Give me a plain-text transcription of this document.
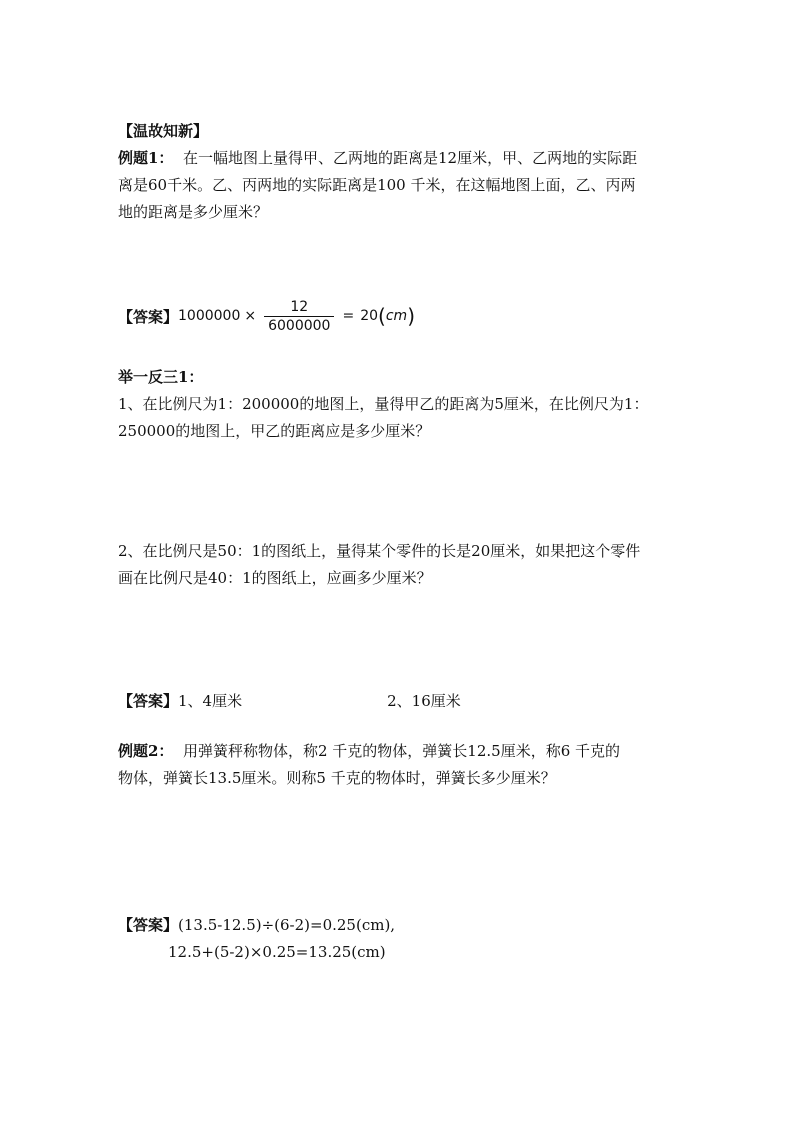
【温故知新】
例题1： 在一幅地图上量得甲、乙两地的距离是12厘米，甲、乙两地的实际距
离是60千米。乙、丙两地的实际距离是100 千米，在这幅地图上面，乙、丙两
地的距离是多少厘米？
【答案】 $1000000 \times \frac{12}{6000000} = 20$ ( cm )
举一反三1：
1、在比例尺为1：200000的地图上，量得甲乙的距离为5厘米，在比例尺为1：
250000的地图上，甲乙的距离应是多少厘米？
2、在比例尺是50：1的图纸上，量得某个零件的长是20厘米，如果把这个零件
画在比例尺是40：1的图纸上，应画多少厘米？
【答案】1、4厘米	2、16厘米
例题2： 用弹簧秤称物体，称2 千克的物体，弹簧长12.5厘米，称6 千克的
物体，弹簧长13.5厘米。则称5 千克的物体时，弹簧长多少厘米？
【答案】(13.5-12.5)÷(6-2)=0.25(cm),
12.5+(5-2)×0.25=13.25(cm)
